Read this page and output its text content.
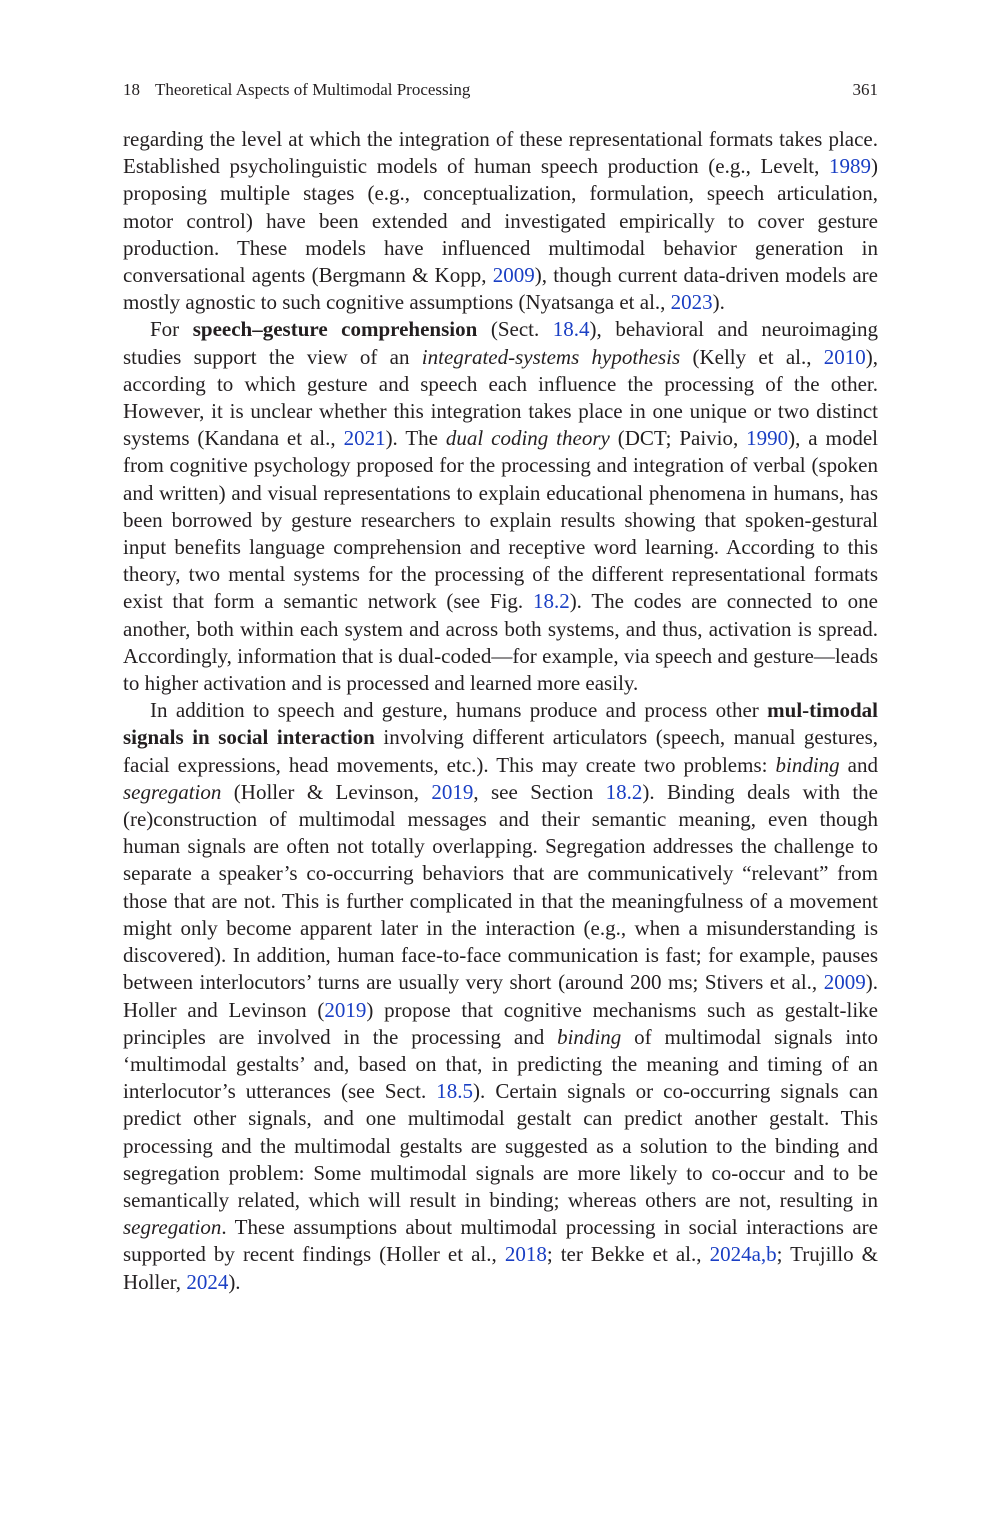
18 Theoretical Aspects of Multimodal Processing	361

regarding the level at which the integration of these representational formats takes place. Established psycholinguistic models of human speech production (e.g., Levelt, 1989) proposing multiple stages (e.g., conceptualization, formulation, speech articulation, motor control) have been extended and investigated empirically to cover gesture production. These models have influenced multimodal behavior generation in conversational agents (Bergmann & Kopp, 2009), though current data-driven models are mostly agnostic to such cognitive assumptions (Nyatsanga et al., 2023).

For speech–gesture comprehension (Sect. 18.4), behavioral and neuroimaging studies support the view of an integrated-systems hypothesis (Kelly et al., 2010), according to which gesture and speech each influence the processing of the other. However, it is unclear whether this integration takes place in one unique or two distinct systems (Kandana et al., 2021). The dual coding theory (DCT; Paivio, 1990), a model from cognitive psychology proposed for the processing and integration of verbal (spoken and written) and visual representations to explain educational phenomena in humans, has been borrowed by gesture researchers to explain results showing that spoken-gestural input benefits language comprehension and receptive word learning. According to this theory, two mental systems for the processing of the different representational formats exist that form a semantic network (see Fig. 18.2). The codes are connected to one another, both within each system and across both systems, and thus, activation is spread. Accordingly, information that is dual-coded—for example, via speech and gesture—leads to higher activation and is processed and learned more easily.

In addition to speech and gesture, humans produce and process other mul-timodal signals in social interaction involving different articulators (speech, manual gestures, facial expressions, head movements, etc.). This may create two problems: binding and segregation (Holler & Levinson, 2019, see Section 18.2). Binding deals with the (re)construction of multimodal messages and their semantic meaning, even though human signals are often not totally overlapping. Segregation addresses the challenge to separate a speaker’s co-occurring behaviors that are communicatively “relevant” from those that are not. This is further complicated in that the meaningfulness of a movement might only become apparent later in the interaction (e.g., when a misunderstanding is discovered). In addition, human face-to-face communication is fast; for example, pauses between interlocutors’ turns are usually very short (around 200 ms; Stivers et al., 2009). Holler and Levinson (2019) propose that cognitive mechanisms such as gestalt-like principles are involved in the processing and binding of multimodal signals into ‘multimodal gestalts’ and, based on that, in predicting the meaning and timing of an interlocutor’s utterances (see Sect. 18.5). Certain signals or co-occurring signals can predict other signals, and one multimodal gestalt can predict another gestalt. This processing and the multimodal gestalts are suggested as a solution to the binding and segregation problem: Some multimodal signals are more likely to co-occur and to be semantically related, which will result in binding; whereas others are not, resulting in segregation. These assumptions about multimodal processing in social interactions are supported by recent findings (Holler et al., 2018; ter Bekke et al., 2024a,b; Trujillo & Holler, 2024).
